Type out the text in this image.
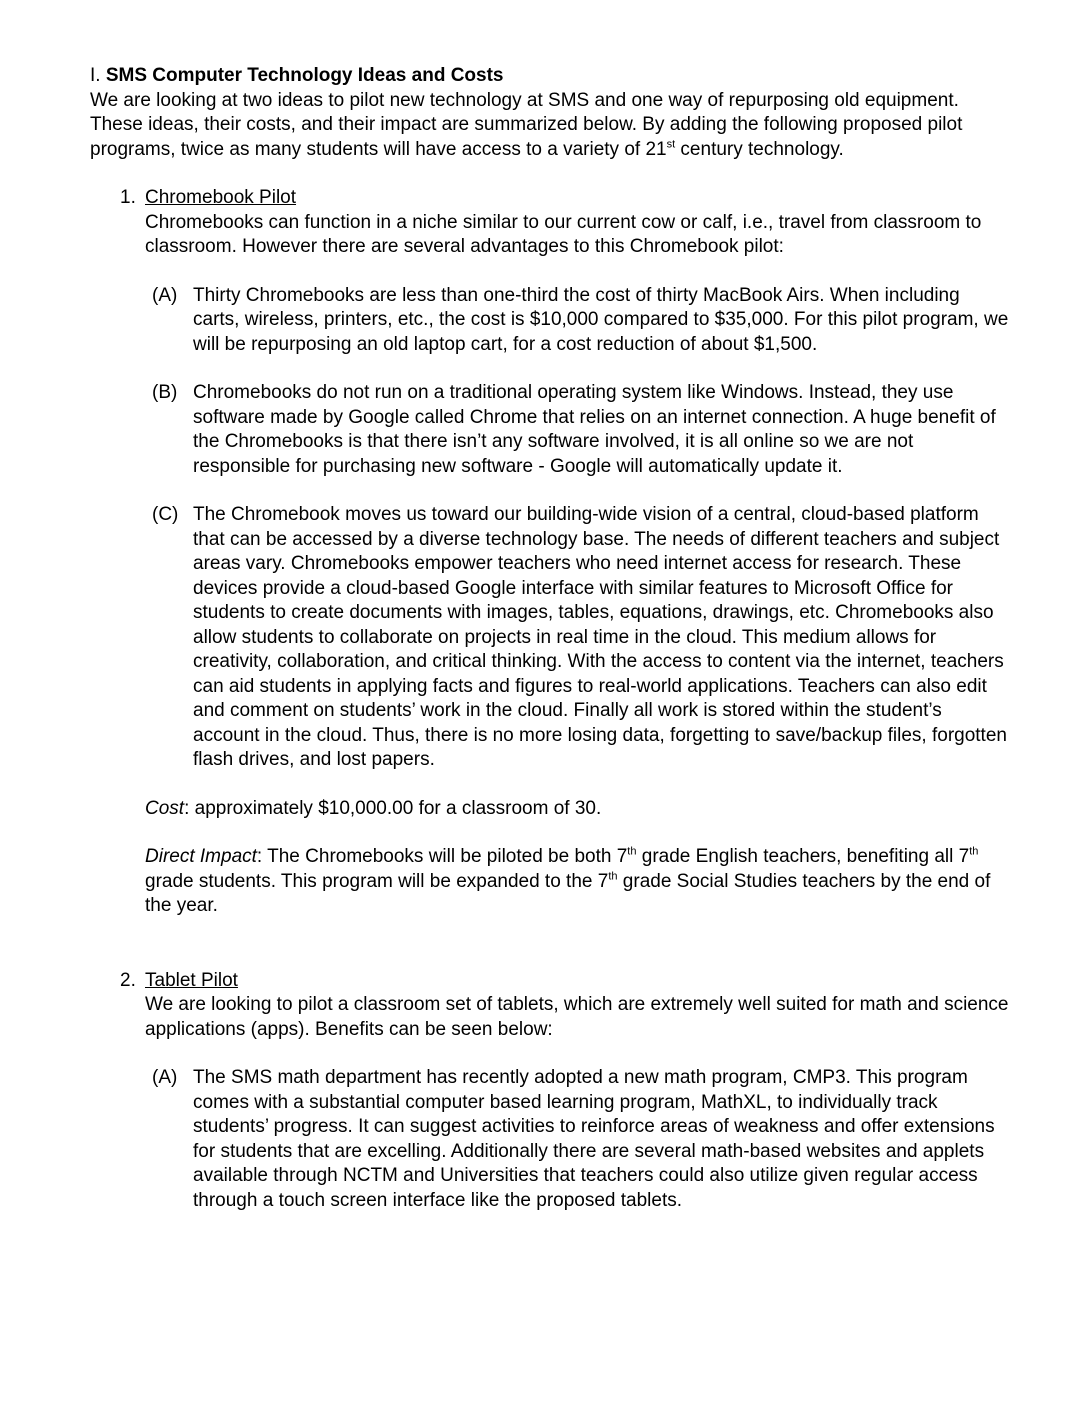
I. SMS Computer Technology Ideas and Costs

We are looking at two ideas to pilot new technology at SMS and one way of repurposing old equipment. These ideas, their costs, and their impact are summarized below. By adding the following proposed pilot programs, twice as many students will have access to a variety of 21st century technology.

1. Chromebook Pilot

Chromebooks can function in a niche similar to our current cow or calf, i.e., travel from classroom to classroom. However there are several advantages to this Chromebook pilot:

(A) Thirty Chromebooks are less than one-third the cost of thirty MacBook Airs. When including carts, wireless, printers, etc., the cost is $10,000 compared to $35,000. For this pilot program, we will be repurposing an old laptop cart, for a cost reduction of about $1,500.

(B) Chromebooks do not run on a traditional operating system like Windows. Instead, they use software made by Google called Chrome that relies on an internet connection. A huge benefit of the Chromebooks is that there isn’t any software involved, it is all online so we are not responsible for purchasing new software - Google will automatically update it.

(C) The Chromebook moves us toward our building-wide vision of a central, cloud-based platform that can be accessed by a diverse technology base. The needs of different teachers and subject areas vary. Chromebooks empower teachers who need internet access for research. These devices provide a cloud-based Google interface with similar features to Microsoft Office for students to create documents with images, tables, equations, drawings, etc. Chromebooks also allow students to collaborate on projects in real time in the cloud. This medium allows for creativity, collaboration, and critical thinking. With the access to content via the internet, teachers can aid students in applying facts and figures to real-world applications. Teachers can also edit and comment on students’ work in the cloud. Finally all work is stored within the student’s account in the cloud. Thus, there is no more losing data, forgetting to save/backup files, forgotten flash drives, and lost papers.

Cost: approximately $10,000.00 for a classroom of 30.

Direct Impact: The Chromebooks will be piloted be both 7th grade English teachers, benefiting all 7th grade students. This program will be expanded to the 7th grade Social Studies teachers by the end of the year.

2. Tablet Pilot

We are looking to pilot a classroom set of tablets, which are extremely well suited for math and science applications (apps). Benefits can be seen below:

(A) The SMS math department has recently adopted a new math program, CMP3. This program comes with a substantial computer based learning program, MathXL, to individually track students’ progress. It can suggest activities to reinforce areas of weakness and offer extensions for students that are excelling. Additionally there are several math-based websites and applets available through NCTM and Universities that teachers could also utilize given regular access through a touch screen interface like the proposed tablets.
